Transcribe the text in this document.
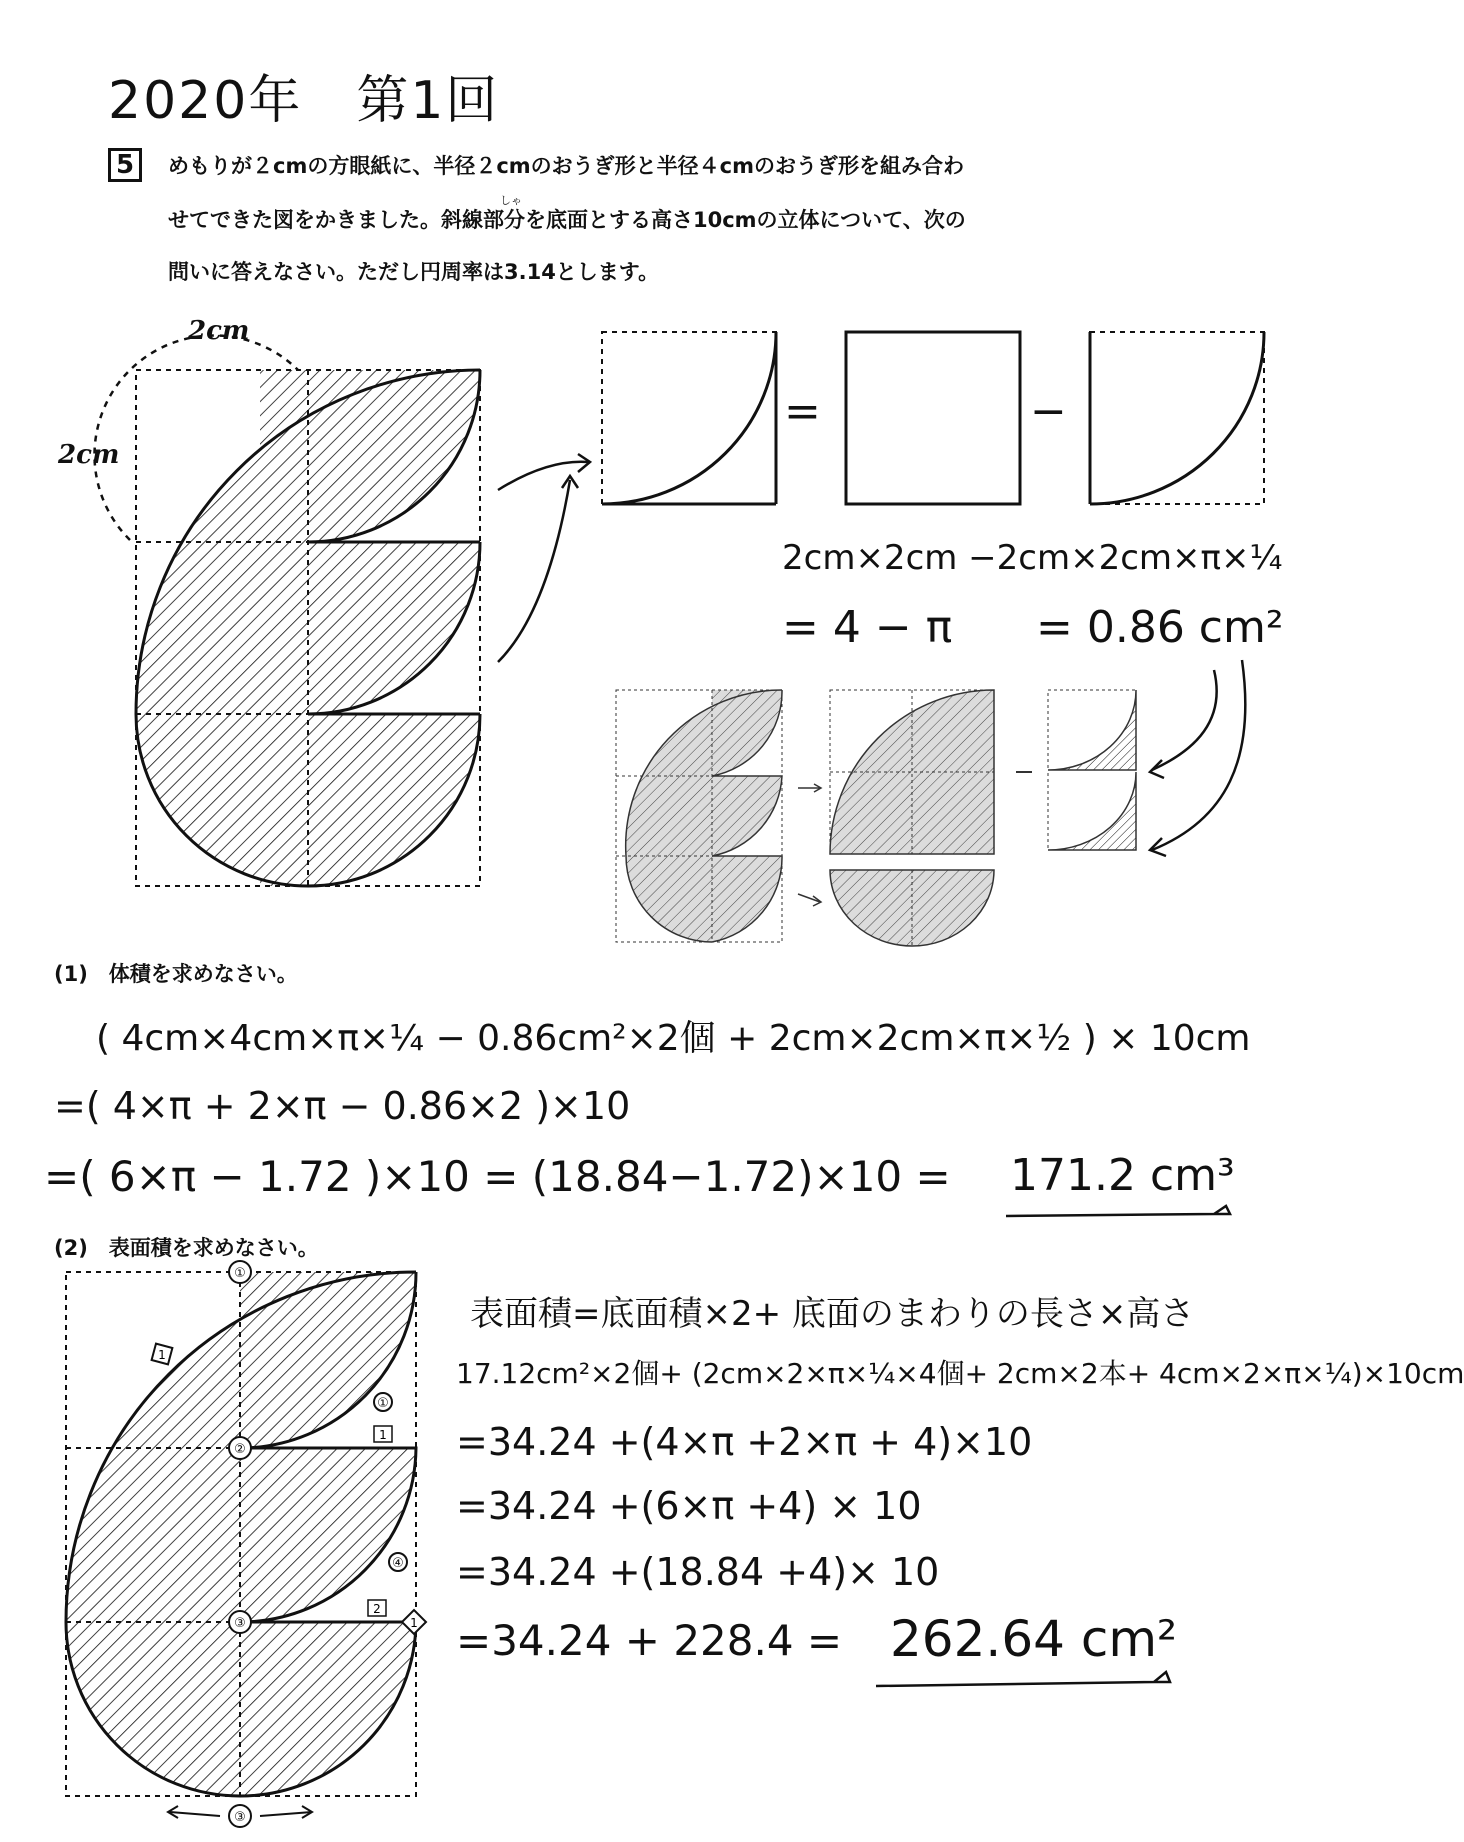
2020年　第1回
5	めもりが２cmの方眼紙に、半径２cmのおうぎ形と半径４cmのおうぎ形を組み合わ
しゃ
せてできた図をかきました。斜線部分を底面とする高さ10cmの立体について、次の
問いに答えなさい。ただし円周率は3.14とします。
2cm
2cm
=	−
2cm×2cm −2cm×2cm×π×¼
= 4 − π = 0.86 cm²
(1)　体積を求めなさい。
( 4cm×4cm×π×¼ − 0.86cm²×2個 + 2cm×2cm×π×½ ) × 10cm
=( 4×π + 2×π − 0.86×2 )×10
=( 6×π − 1.72 )×10 = (18.84−1.72)×10 = 171.2 cm³
(2)　表面積を求めなさい。
①
②
③
③
①
④
1
2
1
1
表面積=底面積×2+ 底面のまわりの長さ×高さ
17.12cm²×2個+ (2cm×2×π×¼×4個+ 2cm×2本+ 4cm×2×π×¼)×10cm
=34.24 +(4×π +2×π + 4)×10
=34.24 +(6×π +4) × 10
=34.24 +(18.84 +4)× 10
=34.24 + 228.4 = 262.64 cm²
